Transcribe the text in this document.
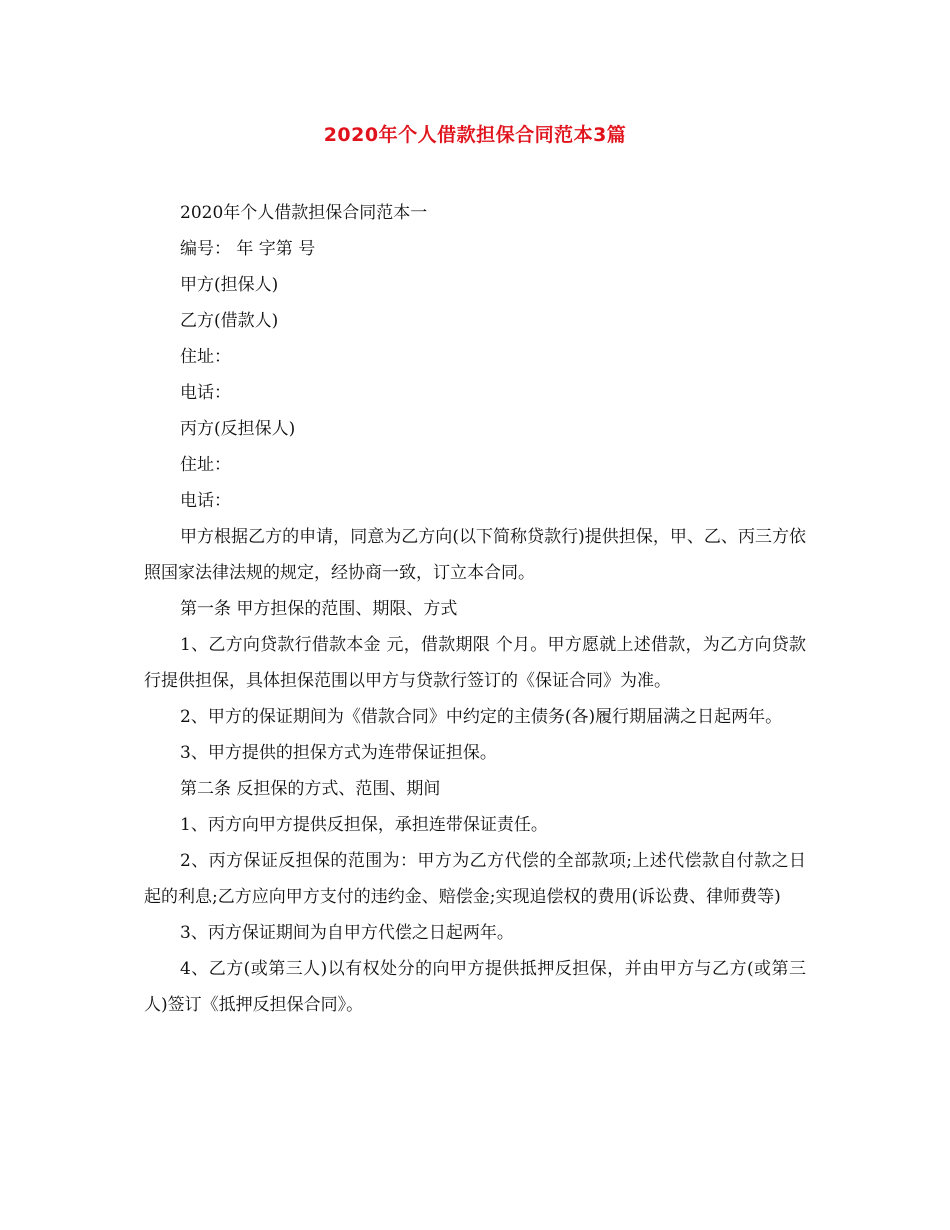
2020年个人借款担保合同范本3篇

2020年个人借款担保合同范本一

编号： 年 字第 号

甲方(担保人)

乙方(借款人)

住址：

电话：

丙方(反担保人)

住址：

电话：

甲方根据乙方的申请，同意为乙方向(以下简称贷款行)提供担保，甲、乙、丙三方依照国家法律法规的规定，经协商一致，订立本合同。

第一条 甲方担保的范围、期限、方式

1、乙方向贷款行借款本金 元，借款期限 个月。甲方愿就上述借款，为乙方向贷款行提供担保，具体担保范围以甲方与贷款行签订的《保证合同》为准。

2、甲方的保证期间为《借款合同》中约定的主债务(各)履行期届满之日起两年。

3、甲方提供的担保方式为连带保证担保。

第二条 反担保的方式、范围、期间

1、丙方向甲方提供反担保，承担连带保证责任。

2、丙方保证反担保的范围为：甲方为乙方代偿的全部款项;上述代偿款自付款之日起的利息;乙方应向甲方支付的违约金、赔偿金;实现追偿权的费用(诉讼费、律师费等)

3、丙方保证期间为自甲方代偿之日起两年。

4、乙方(或第三人)以有权处分的向甲方提供抵押反担保，并由甲方与乙方(或第三人)签订《抵押反担保合同》。
